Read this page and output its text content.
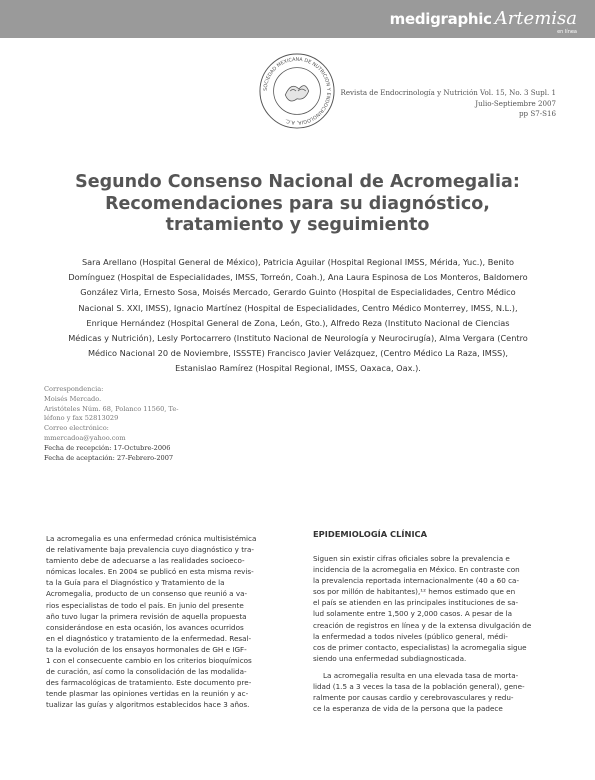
medigraphic Artemisa
en línea
SOCIEDAD MEXICANA DE NUTRICION Y ENDOCRINOLOGIA, A.C.
Revista de Endocrinología y Nutrición Vol. 15, No. 3 Supl. 1
Julio-Septiembre 2007
pp S7-S16
Segundo Consenso Nacional de Acromegalia:
Recomendaciones para su diagnóstico,
tratamiento y seguimiento
Sara Arellano (Hospital General de México), Patricia Aguilar (Hospital Regional IMSS, Mérida, Yuc.), Benito
Domínguez (Hospital de Especialidades, IMSS, Torreón, Coah.), Ana Laura Espinosa de Los Monteros, Baldomero
González Virla, Ernesto Sosa, Moisés Mercado, Gerardo Guinto (Hospital de Especialidades, Centro Médico
Nacional S. XXI, IMSS), Ignacio Martínez (Hospital de Especialidades, Centro Médico Monterrey, IMSS, N.L.),
Enrique Hernández (Hospital General de Zona, León, Gto.), Alfredo Reza (Instituto Nacional de Ciencias
Médicas y Nutrición), Lesly Portocarrero (Instituto Nacional de Neurología y Neurocirugía), Alma Vergara (Centro
Médico Nacional 20 de Noviembre, ISSSTE) Francisco Javier Velázquez, (Centro Médico La Raza, IMSS),
Estanislao Ramírez (Hospital Regional, IMSS, Oaxaca, Oax.).
Correspondencia:
Moisés Mercado.
Aristóteles Núm. 68, Polanco 11560, Te-
léfono y fax 52813029
Correo electrónico:
mmercadoa@yahoo.com
Fecha de recepción: 17-Octubre-2006
Fecha de aceptación: 27-Febrero-2007
La acromegalia es una enfermedad crónica multisistémica
de relativamente baja prevalencia cuyo diagnóstico y tra-
tamiento debe de adecuarse a las realidades socioeco-
nómicas locales. En 2004 se publicó en esta misma revis-
ta la Guía para el Diagnóstico y Tratamiento de la
Acromegalia, producto de un consenso que reunió a va-
rios especialistas de todo el país. En junio del presente
año tuvo lugar la primera revisión de aquella propuesta
considerándose en esta ocasión, los avances ocurridos
en el diagnóstico y tratamiento de la enfermedad. Resal-
ta la evolución de los ensayos hormonales de GH e IGF-
1 con el consecuente cambio en los criterios bioquímicos
de curación, así como la consolidación de las modalida-
des farmacológicas de tratamiento. Este documento pre-
tende plasmar las opiniones vertidas en la reunión y ac-
tualizar las guías y algoritmos establecidos hace 3 años.
EPIDEMIOLOGÍA CLÍNICA
Siguen sin existir cifras oficiales sobre la prevalencia e
incidencia de la acromegalia en México. En contraste con
la prevalencia reportada internacionalmente (40 a 60 ca-
sos por millón de habitantes),¹² hemos estimado que en
el país se atienden en las principales instituciones de sa-
lud solamente entre 1,500 y 2,000 casos. A pesar de la
creación de registros en línea y de la extensa divulgación de
la enfermedad a todos niveles (público general, médi-
cos de primer contacto, especialistas) la acromegalia sigue
siendo una enfermedad subdiagnosticada.
La acromegalia resulta en una elevada tasa de morta-
lidad (1.5 a 3 veces la tasa de la población general), gene-
ralmente por causas cardio y cerebrovasculares y redu-
ce la esperanza de vida de la persona que la padece
